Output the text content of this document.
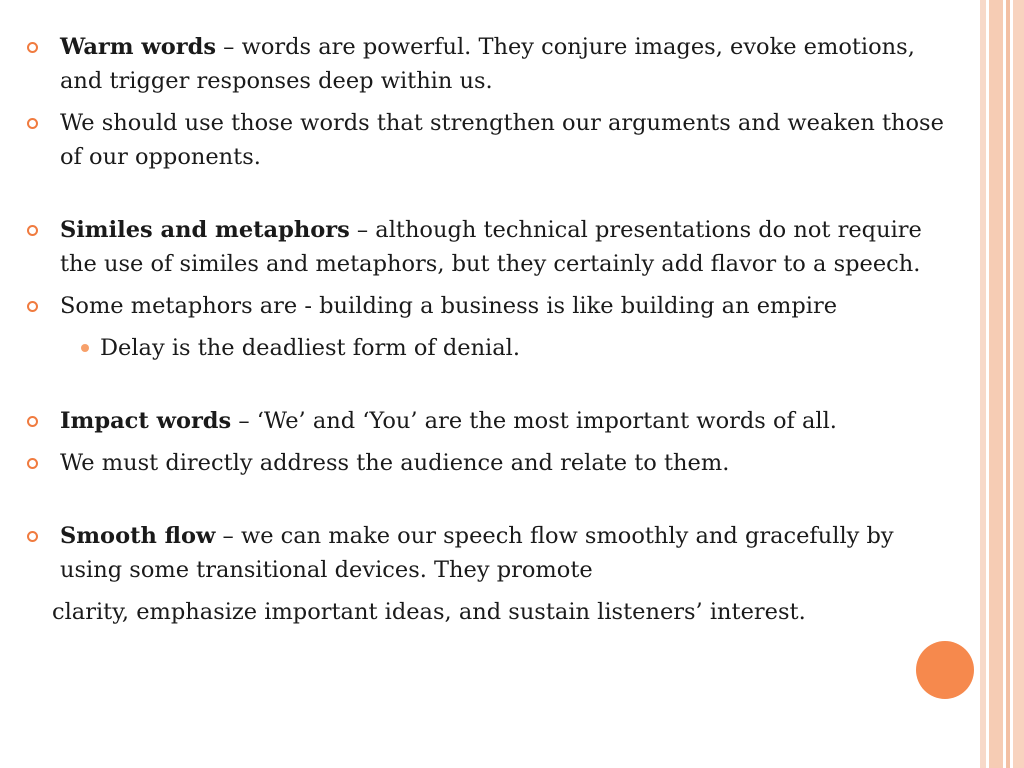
Warm words – words are powerful. They conjure images, evoke emotions, and trigger responses deep within us.
We should use those words that strengthen our arguments and weaken those of our opponents.
Similes and metaphors – although technical presentations do not require the use of similes and metaphors, but they certainly add flavor to a speech.
Some metaphors are - building a business is like building an empire
Delay is the deadliest form of denial.
Impact words – ‘We’ and ‘You’ are the most important words of all.
We must directly address the audience and relate to them.
Smooth flow – we can make our speech flow smoothly and gracefully by using some transitional devices. They promote
clarity, emphasize important ideas, and sustain listeners’ interest.
